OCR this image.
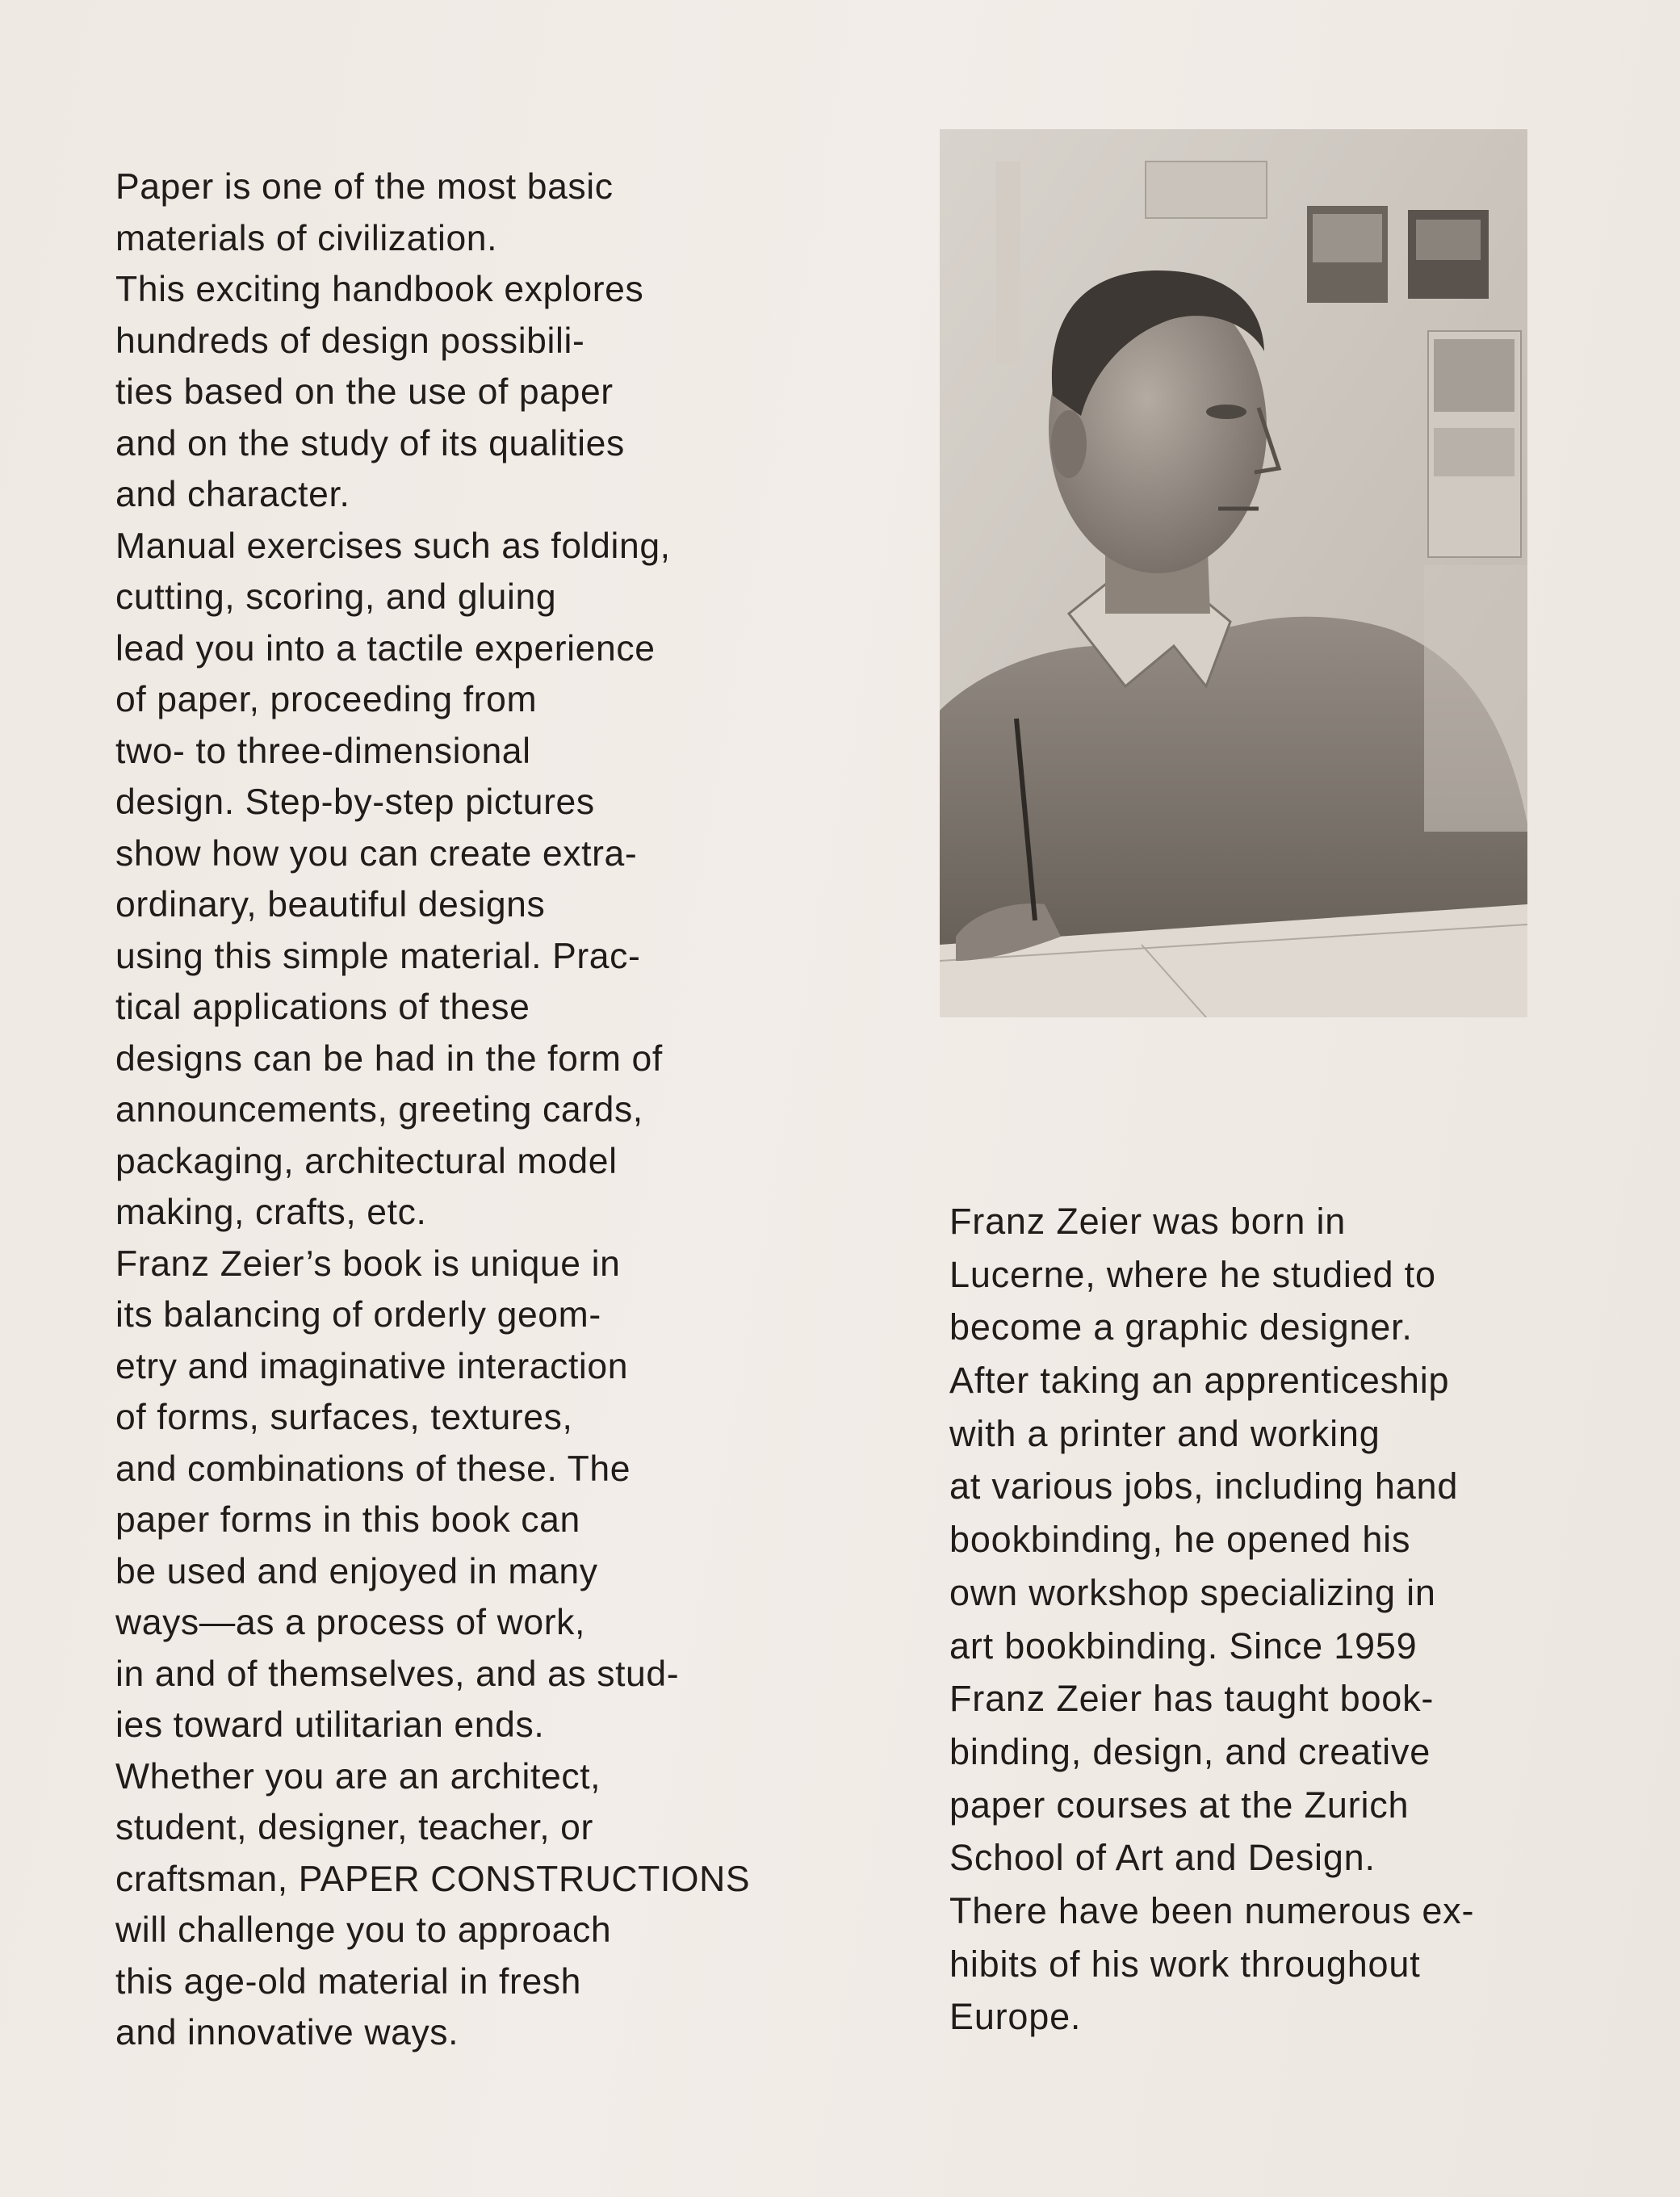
Paper is one of the most basic
materials of civilization.
This exciting handbook explores
hundreds of design possibili-
ties based on the use of paper
and on the study of its qualities
and character.
Manual exercises such as folding,
cutting, scoring, and gluing
lead you into a tactile experience
of paper, proceeding from
two- to three-dimensional
design. Step-by-step pictures
show how you can create extra-
ordinary, beautiful designs
using this simple material. Prac-
tical applications of these
designs can be had in the form of
announcements, greeting cards,
packaging, architectural model
making, crafts, etc.
Franz Zeier’s book is unique in
its balancing of orderly geom-
etry and imaginative interaction
of forms, surfaces, textures,
and combinations of these. The
paper forms in this book can
be used and enjoyed in many
ways—as a process of work,
in and of themselves, and as stud-
ies toward utilitarian ends.
Whether you are an architect,
student, designer, teacher, or
craftsman, PAPER CONSTRUCTIONS
will challenge you to approach
this age-old material in fresh
and innovative ways.
Franz Zeier was born in
Lucerne, where he studied to
become a graphic designer.
After taking an apprenticeship
with a printer and working
at various jobs, including hand
bookbinding, he opened his
own workshop specializing in
art bookbinding. Since 1959
Franz Zeier has taught book-
binding, design, and creative
paper courses at the Zurich
School of Art and Design.
There have been numerous ex-
hibits of his work throughout
Europe.
